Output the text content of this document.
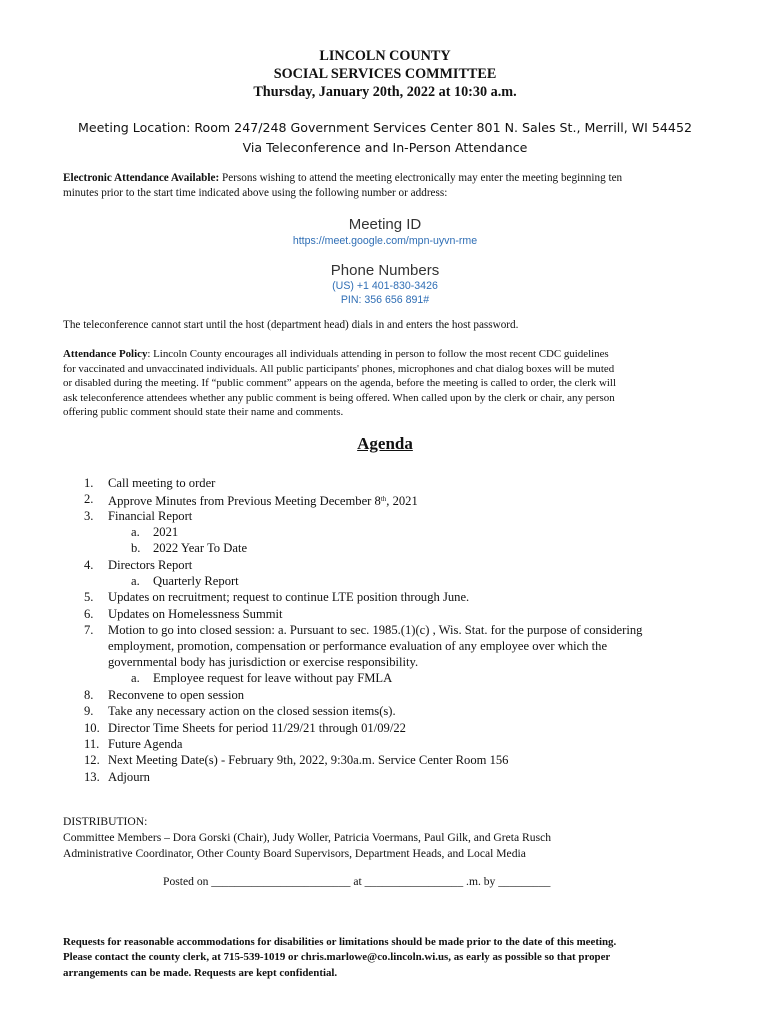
LINCOLN COUNTY
SOCIAL SERVICES COMMITTEE
Thursday, January 20th, 2022 at 10:30 a.m.
Meeting Location: Room 247/248 Government Services Center 801 N. Sales St., Merrill, WI 54452
Via Teleconference and In-Person Attendance
Electronic Attendance Available: Persons wishing to attend the meeting electronically may enter the meeting beginning ten
minutes prior to the start time indicated above using the following number or address:
Meeting ID
https://meet.google.com/mpn-uyvn-rme
Phone Numbers
(US) +1 401-830-3426
PIN: 356 656 891#
The teleconference cannot start until the host (department head) dials in and enters the host password.
Attendance Policy: Lincoln County encourages all individuals attending in person to follow the most recent CDC guidelines
for vaccinated and unvaccinated individuals. All public participants' phones, microphones and chat dialog boxes will be muted
or disabled during the meeting. If “public comment” appears on the agenda, before the meeting is called to order, the clerk will
ask teleconference attendees whether any public comment is being offered. When called upon by the clerk or chair, any person
offering public comment should state their name and comments.
Agenda
1.	Call meeting to order
2.	Approve Minutes from Previous Meeting December 8th, 2021
3.	Financial Report
a.	2021
b. 2022 Year To Date
4.	Directors Report
a.	Quarterly Report
5.	Updates on recruitment; request to continue LTE position through June.
6.	Updates on Homelessness Summit
7.	Motion to go into closed session: a. Pursuant to sec. 1985.(1)(c) , Wis. Stat. for the purpose of considering
employment, promotion, compensation or performance evaluation of any employee over which the
governmental body has jurisdiction or exercise responsibility.
a.	Employee request for leave without pay FMLA
8.	Reconvene to open session
9.	Take any necessary action on the closed session items(s).
10. Director Time Sheets for period 11/29/21 through 01/09/22
11. Future Agenda
12. Next Meeting Date(s) - February 9th, 2022, 9:30a.m. Service Center Room 156
13. Adjourn
DISTRIBUTION:
Committee Members – Dora Gorski (Chair), Judy Woller, Patricia Voermans, Paul Gilk, and Greta Rusch
Administrative Coordinator, Other County Board Supervisors, Department Heads, and Local Media
Posted on ________________________ at _________________ .m. by _________
Requests for reasonable accommodations for disabilities or limitations should be made prior to the date of this meeting.
Please contact the county clerk, at 715-539-1019 or chris.marlowe@co.lincoln.wi.us, as early as possible so that proper
arrangements can be made. Requests are kept confidential.
